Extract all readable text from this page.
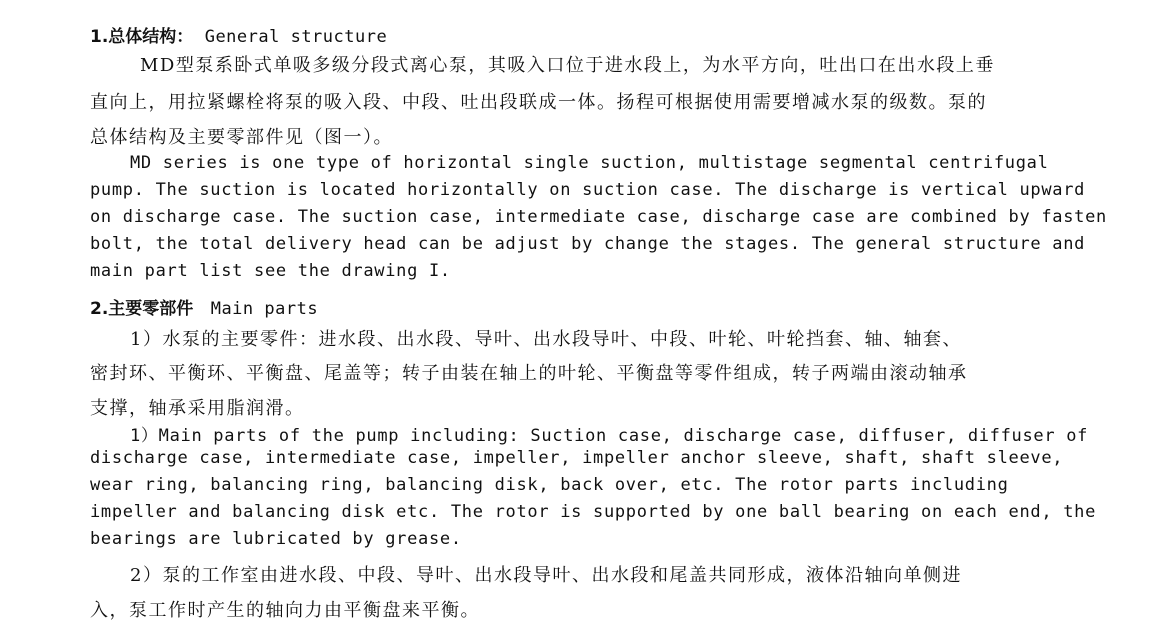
1.总体结构： General structure
MD型泵系卧式单吸多级分段式离心泵，其吸入口位于进水段上，为水平方向，吐出口在出水段上垂
直向上，用拉紧螺栓将泵的吸入段、中段、吐出段联成一体。扬程可根据使用需要增减水泵的级数。泵的
总体结构及主要零部件见（图一）。
MD series is one type of horizontal single suction, multistage segmental centrifugal
pump. The suction is located horizontally on suction case. The discharge is vertical upward
on discharge case. The suction case, intermediate case, discharge case are combined by fasten
bolt, the total delivery head can be adjust by change the stages. The general structure and
main part list see the drawing I.
2.主要零部件 Main parts
1）水泵的主要零件：进水段、出水段、导叶、出水段导叶、中段、叶轮、叶轮挡套、轴、轴套、
密封环、平衡环、平衡盘、尾盖等；转子由装在轴上的叶轮、平衡盘等零件组成，转子两端由滚动轴承
支撑，轴承采用脂润滑。
1）Main parts of the pump including: Suction case, discharge case, diffuser, diffuser of
discharge case, intermediate case, impeller, impeller anchor sleeve, shaft, shaft sleeve,
wear ring, balancing ring, balancing disk, back over, etc. The rotor parts including
impeller and balancing disk etc. The rotor is supported by one ball bearing on each end, the
bearings are lubricated by grease.
2）泵的工作室由进水段、中段、导叶、出水段导叶、出水段和尾盖共同形成，液体沿轴向单侧进
入，泵工作时产生的轴向力由平衡盘来平衡。
